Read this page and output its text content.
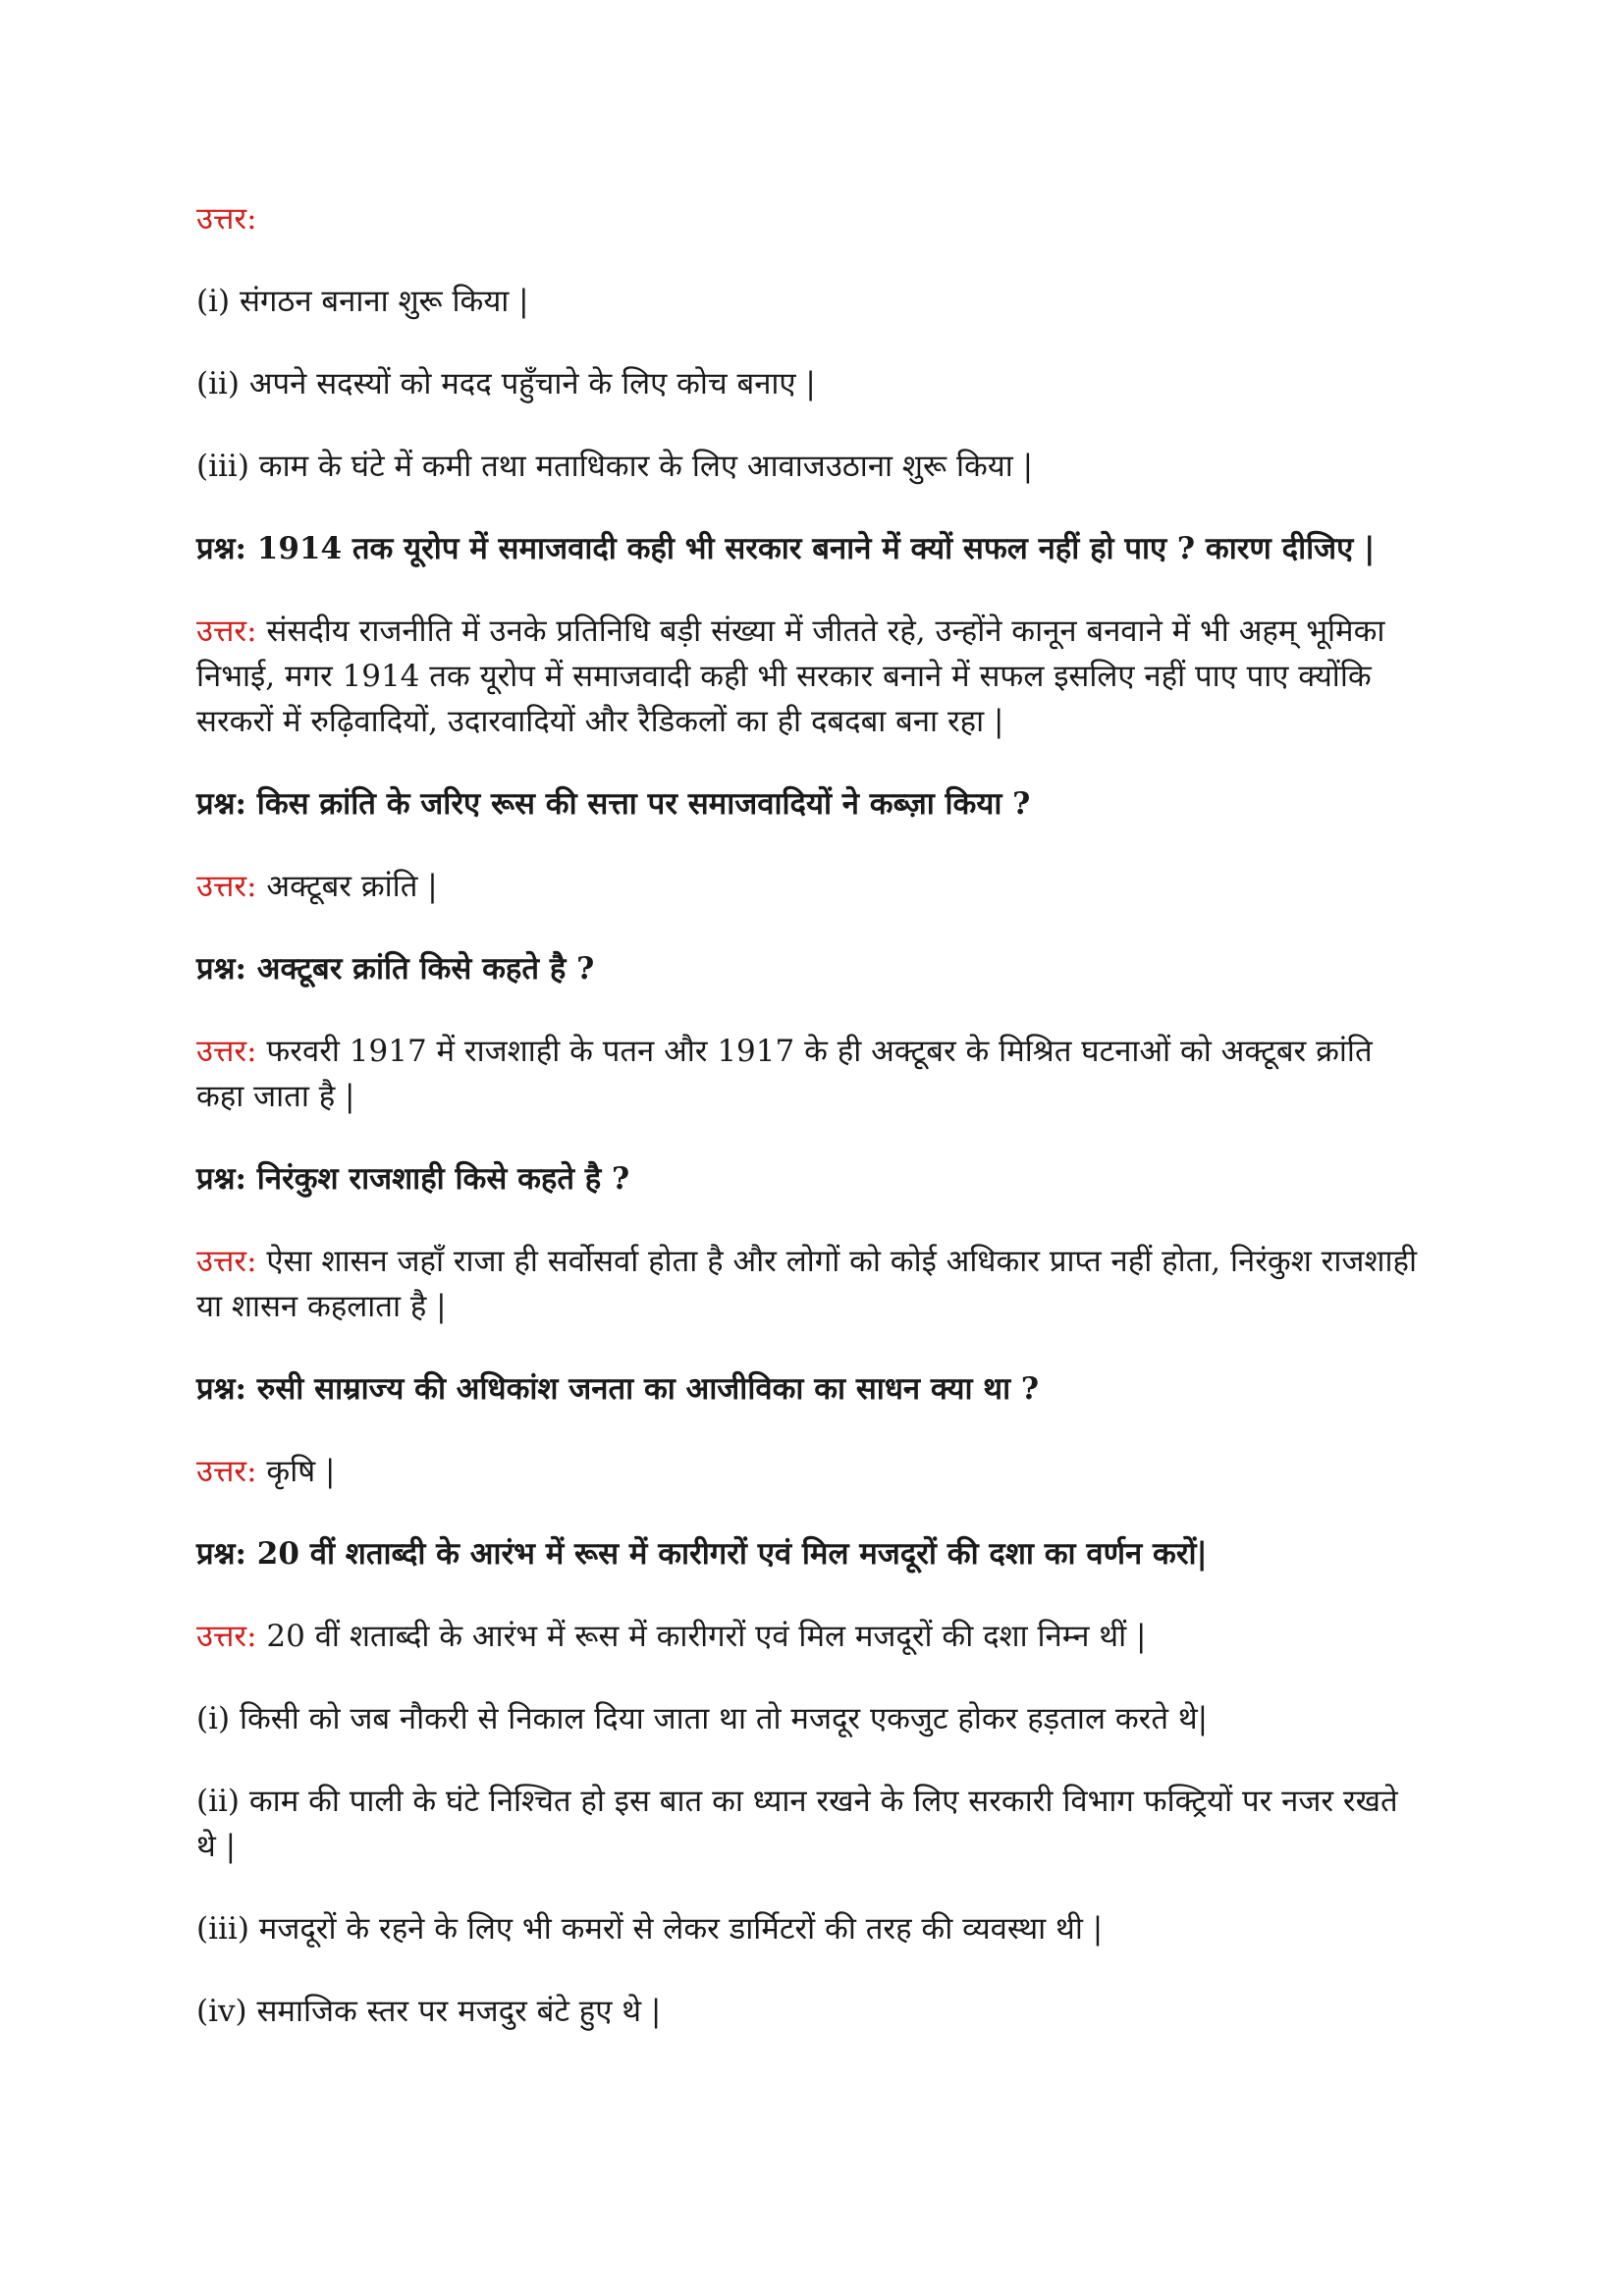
उत्तर:

(i) संगठन बनाना शुरू किया |

(ii) अपने सदस्यों को मदद पहुँचाने के लिए कोच बनाए |

(iii) काम के घंटे में कमी तथा मताधिकार के लिए आवाजउठाना शुरू किया |

प्रश्न: 1914 तक यूरोप में समाजवादी कही भी सरकार बनाने में क्यों सफल नहीं हो पाए ? कारण दीजिए |

उत्तर: संसदीय राजनीति में उनके प्रतिनिधि बड़ी संख्या में जीतते रहे, उन्होंने कानून बनवाने में भी अहम् भूमिका निभाई, मगर 1914 तक यूरोप में समाजवादी कही भी सरकार बनाने में सफल इसलिए नहीं पाए पाए क्योंकि सरकरों में रुढ़िवादियों, उदारवादियों और रैडिकलों का ही दबदबा बना रहा |

प्रश्न: किस क्रांति के जरिए रूस की सत्ता पर समाजवादियों ने कब्ज़ा किया ?

उत्तर: अक्टूबर क्रांति |

प्रश्न: अक्टूबर क्रांति किसे कहते है ?

उत्तर: फरवरी 1917 में राजशाही के पतन और 1917 के ही अक्टूबर के मिश्रित घटनाओं को अक्टूबर क्रांति कहा जाता है |

प्रश्न: निरंकुश राजशाही किसे कहते है ?

उत्तर: ऐसा शासन जहाँ राजा ही सर्वोसर्वा होता है और लोगों को कोई अधिकार प्राप्त नहीं होता, निरंकुश राजशाही या शासन कहलाता है |

प्रश्न: रुसी साम्राज्य की अधिकांश जनता का आजीविका का साधन क्या था ?

उत्तर: कृषि |

प्रश्न: 20 वीं शताब्दी के आरंभ में रूस में कारीगरों एवं मिल मजदूरों की दशा का वर्णन करों|

उत्तर: 20 वीं शताब्दी के आरंभ में रूस में कारीगरों एवं मिल मजदूरों की दशा निम्न थीं |

(i) किसी को जब नौकरी से निकाल दिया जाता था तो मजदूर एकजुट होकर हड़ताल करते थे|

(ii) काम की पाली के घंटे निश्चित हो इस बात का ध्यान रखने के लिए सरकारी विभाग फक्ट्रियों पर नजर रखते थे |

(iii) मजदूरों के रहने के लिए भी कमरों से लेकर डार्मिटरों की तरह की व्यवस्था थी |

(iv) समाजिक स्तर पर मजदुर बंटे हुए थे |
